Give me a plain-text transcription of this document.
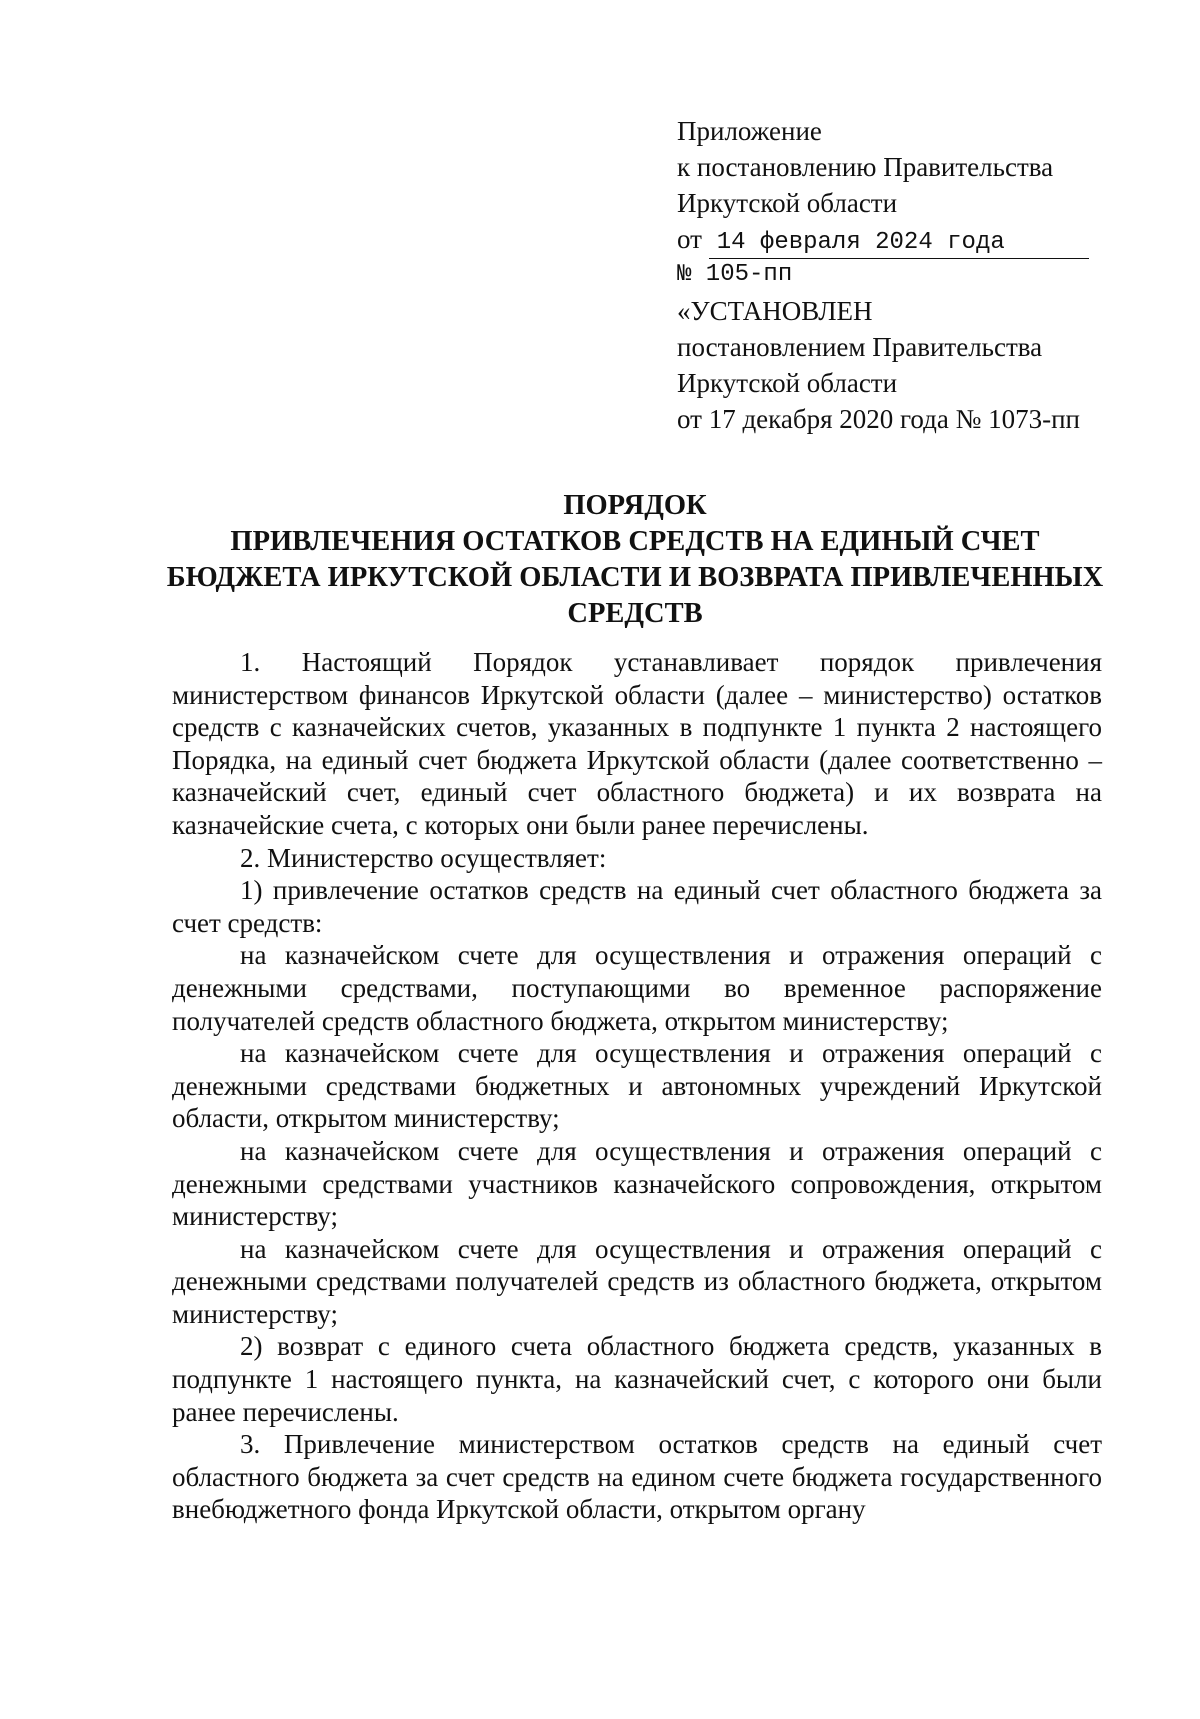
Приложение
к постановлению Правительства
Иркутской области
от 14 февраля 2024 года
№ 105-пп
«УСТАНОВЛЕН
постановлением Правительства
Иркутской области
от 17 декабря 2020 года № 1073-пп
ПОРЯДОК
ПРИВЛЕЧЕНИЯ ОСТАТКОВ СРЕДСТВ НА ЕДИНЫЙ СЧЕТ
БЮДЖЕТА ИРКУТСКОЙ ОБЛАСТИ И ВОЗВРАТА ПРИВЛЕЧЕННЫХ
СРЕДСТВ

1. Настоящий Порядок устанавливает порядок привлечения министерством финансов Иркутской области (далее – министерство) остатков средств с казначейских счетов, указанных в подпункте 1 пункта 2 настоящего Порядка, на единый счет бюджета Иркутской области (далее соответственно – казначейский счет, единый счет областного бюджета) и их возврата на казначейские счета, с которых они были ранее перечислены.

2. Министерство осуществляет:

1) привлечение остатков средств на единый счет областного бюджета за счет средств:

на казначейском счете для осуществления и отражения операций с денежными средствами, поступающими во временное распоряжение получателей средств областного бюджета, открытом министерству;

на казначейском счете для осуществления и отражения операций с денежными средствами бюджетных и автономных учреждений Иркутской области, открытом министерству;

на казначейском счете для осуществления и отражения операций с денежными средствами участников казначейского сопровождения, открытом министерству;

на казначейском счете для осуществления и отражения операций с денежными средствами получателей средств из областного бюджета, открытом министерству;

2) возврат с единого счета областного бюджета средств, указанных в подпункте 1 настоящего пункта, на казначейский счет, с которого они были ранее перечислены.

3. Привлечение министерством остатков средств на единый счет областного бюджета за счет средств на едином счете бюджета государственного внебюджетного фонда Иркутской области, открытом органу
